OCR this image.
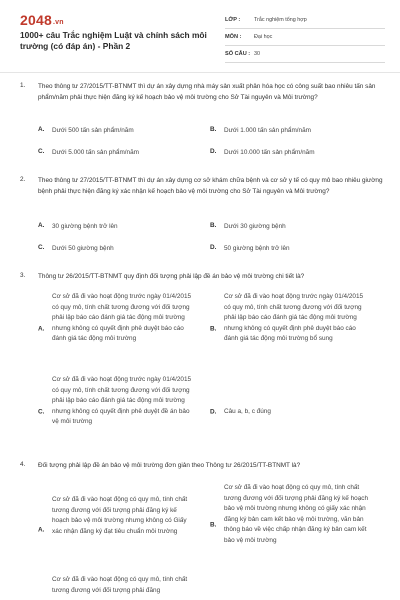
2048.vn
1000+ câu Trắc nghiệm Luật và chính sách môi trường (có đáp án) - Phần 2
LỚP :	Trắc nghiệm tổng hợp
MÔN :	Đại học
SỐ CÂU : 30
1. Theo thông tư 27/2015/TT-BTNMT thì dự án xây dựng nhà máy sản xuất phân hóa học có công suất bao nhiêu tấn sản phẩm/năm phải thực hiện đăng ký kế hoạch bảo vệ môi trường cho Sở Tài nguyên và Môi trường?
A. Dưới 500 tấn sản phẩm/năm	B. Dưới 1.000 tấn sản phẩm/năm
C. Dưới 5.000 tấn sản phẩm/năm	D. Dưới 10.000 tấn sản phẩm/năm
2. Theo thông tư 27/2015/TT-BTNMT thì dự án xây dựng cơ sở khám chữa bệnh và cơ sở y tế có quy mô bao nhiêu giường bệnh phải thực hiện đăng ký xác nhận kế hoạch bảo vệ môi trường cho Sở Tài nguyên và Môi trường?
A. 30 giường bệnh trở lên	B. Dưới 30 giường bệnh
C. Dưới 50 giường bệnh	D. 50 giường bệnh trở lên
3. Thông tư 26/2015/TT-BTNMT quy định đối tượng phải lập đề án bảo vệ môi trường chi tiết là?
A.
Cơ sở đã đi vào hoạt động trước ngày 01/4/2015 có quy mô, tính chất tương đương với đối tượng phải lập báo cáo đánh giá tác động môi trường nhưng không có quyết định phê duyệt báo cáo đánh giá tác động môi trường
B.
Cơ sở đã đi vào hoạt động trước ngày 01/4/2015 có quy mô, tính chất tương đương với đối tượng phải lập báo cáo đánh giá tác động môi trường nhưng không có quyết định phê duyệt báo cáo đánh giá tác động môi trường bổ sung
C.
Cơ sở đã đi vào hoạt động trước ngày 01/4/2015 có quy mô, tính chất tương đương với đối tượng phải lập báo cáo đánh giá tác động môi trường nhưng không có quyết định phê duyệt đề án bảo vệ môi trường
D. Câu a, b, c đúng
4. Đối tượng phải lập đề án bảo vệ môi trường đơn giản theo Thông tư 26/2015/TT-BTNMT là?
A.
Cơ sở đã đi vào hoạt động có quy mô, tính chất tương đương với đối tượng phải đăng ký kế hoạch bảo vệ môi trường nhưng không có Giấy xác nhận đăng ký đạt tiêu chuẩn môi trường
B.
Cơ sở đã đi vào hoạt động có quy mô, tính chất tương đương với đối tượng phải đăng ký kế hoạch bảo vệ môi trường nhưng không có giấy xác nhận đăng ký bản cam kết bảo vệ môi trường, văn bản thông báo về việc chấp nhận đăng ký bản cam kết bảo vệ môi trường
Cơ sở đã đi vào hoạt động có quy mô, tính chất tương đương với đối tượng phải đăng
